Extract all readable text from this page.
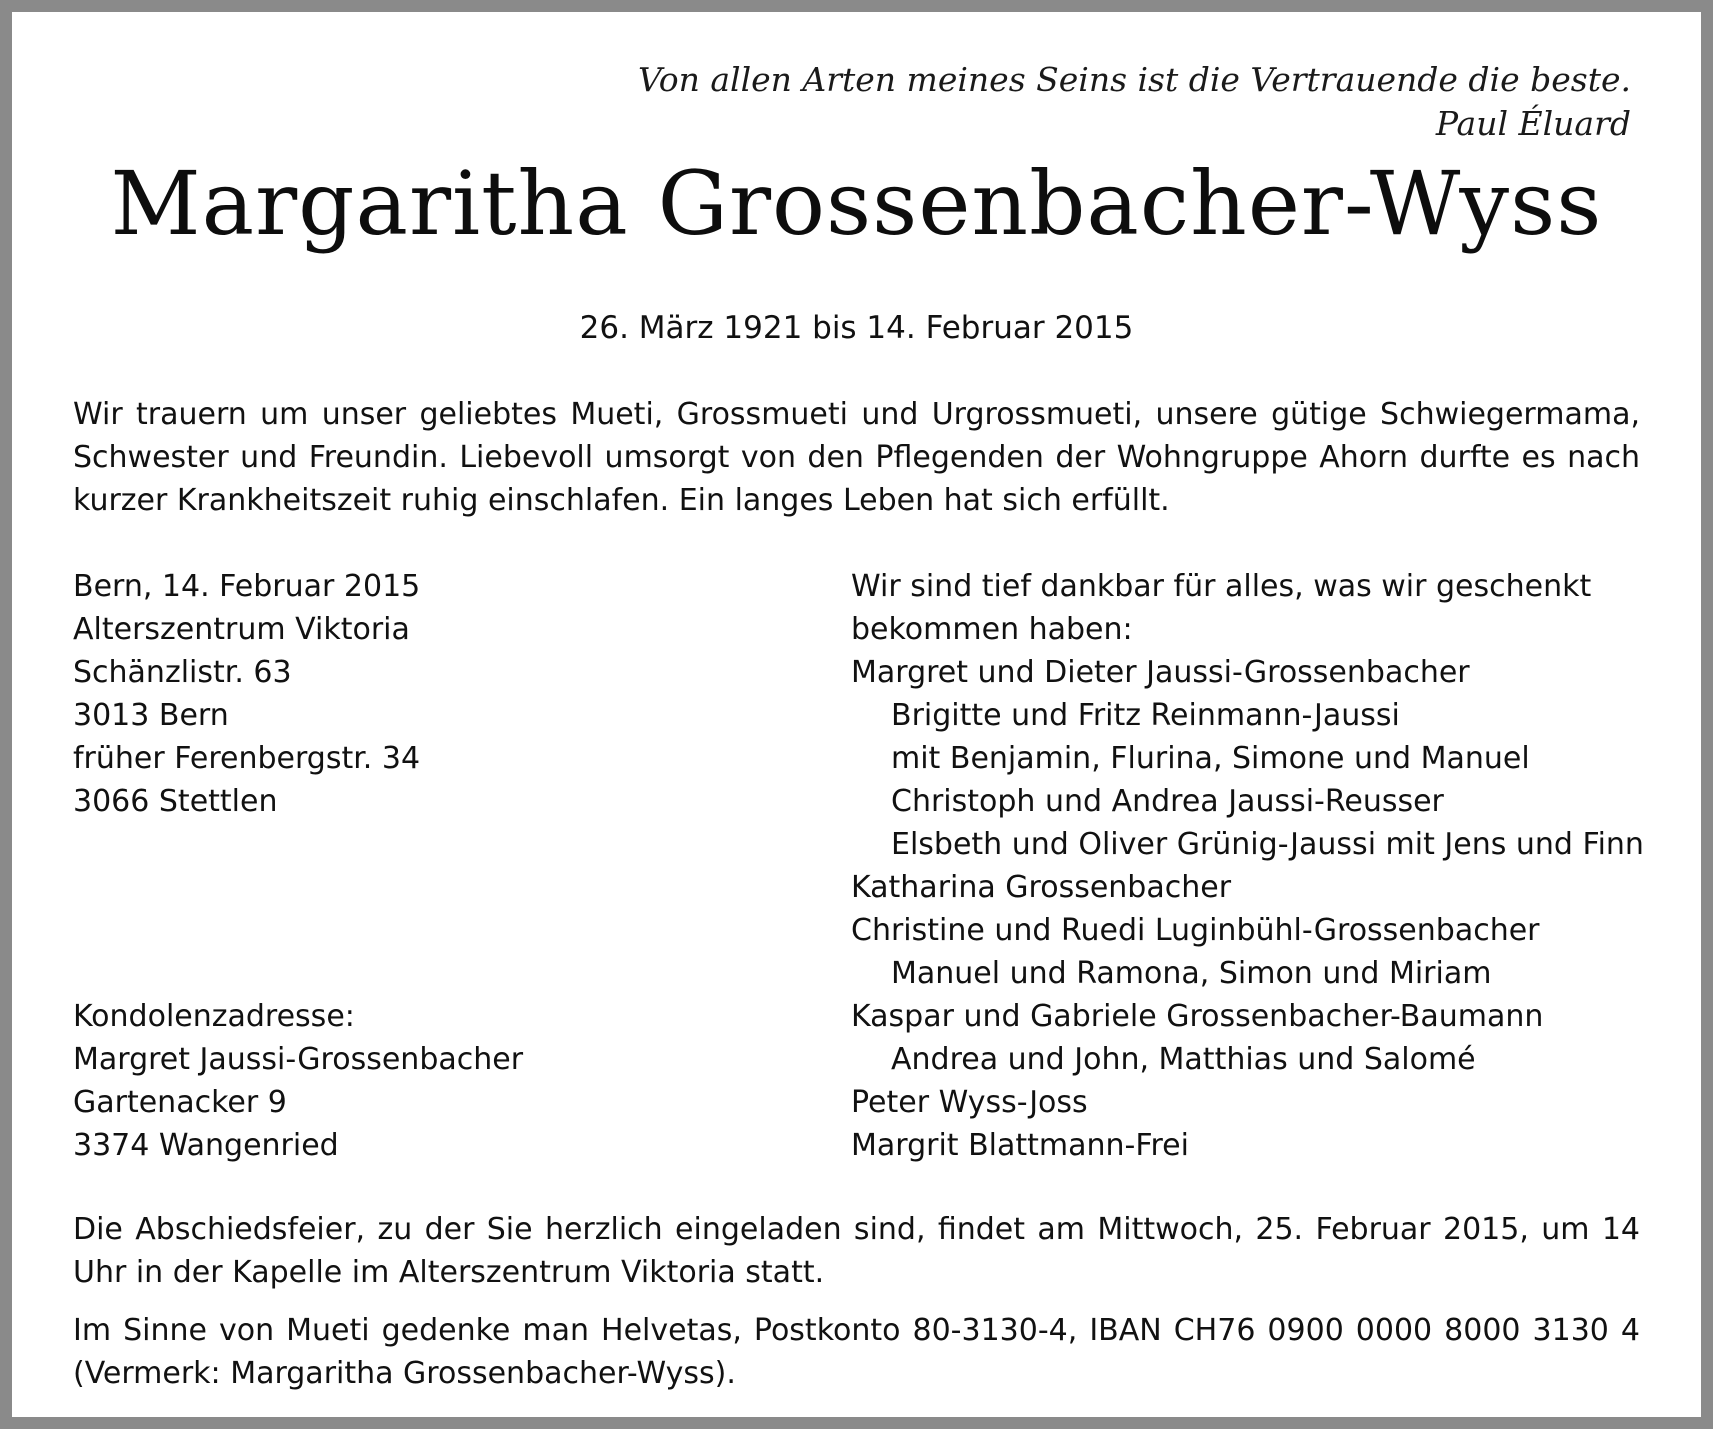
Von allen Arten meines Seins ist die Vertrauende die beste.
Paul Éluard
Margaritha Grossenbacher-Wyss
26. März 1921 bis 14. Februar 2015

Wir trauern um unser geliebtes Mueti, Grossmueti und Urgrossmueti, unsere gütige Schwiegermama, Schwester und Freundin. Liebevoll umsorgt von den Pflegenden der Wohngruppe Ahorn durfte es nach kurzer Krankheitszeit ruhig einschlafen. Ein langes Leben hat sich erfüllt.

Bern, 14. Februar 2015
Alterszentrum Viktoria
Schänzlistr. 63
3013 Bern
früher Ferenbergstr. 34
3066 Stettlen
Kondolenzadresse:
Margret Jaussi-Grossenbacher
Gartenacker 9
3374 Wangenried
Wir sind tief dankbar für alles, was wir geschenkt
bekommen haben:
Margret und Dieter Jaussi-Grossenbacher
Brigitte und Fritz Reinmann-Jaussi
mit Benjamin, Flurina, Simone und Manuel
Christoph und Andrea Jaussi-Reusser
Elsbeth und Oliver Grünig-Jaussi mit Jens und Finn
Katharina Grossenbacher
Christine und Ruedi Luginbühl-Grossenbacher
Manuel und Ramona, Simon und Miriam
Kaspar und Gabriele Grossenbacher-Baumann
Andrea und John, Matthias und Salomé
Peter Wyss-Joss
Margrit Blattmann-Frei

Die Abschiedsfeier, zu der Sie herzlich eingeladen sind, findet am Mittwoch, 25. Februar 2015, um 14 Uhr in der Kapelle im Alterszentrum Viktoria statt.

Im Sinne von Mueti gedenke man Helvetas, Postkonto 80-3130-4, IBAN CH76 0900 0000 8000 3130 4 (Vermerk: Margaritha Grossenbacher-Wyss).
